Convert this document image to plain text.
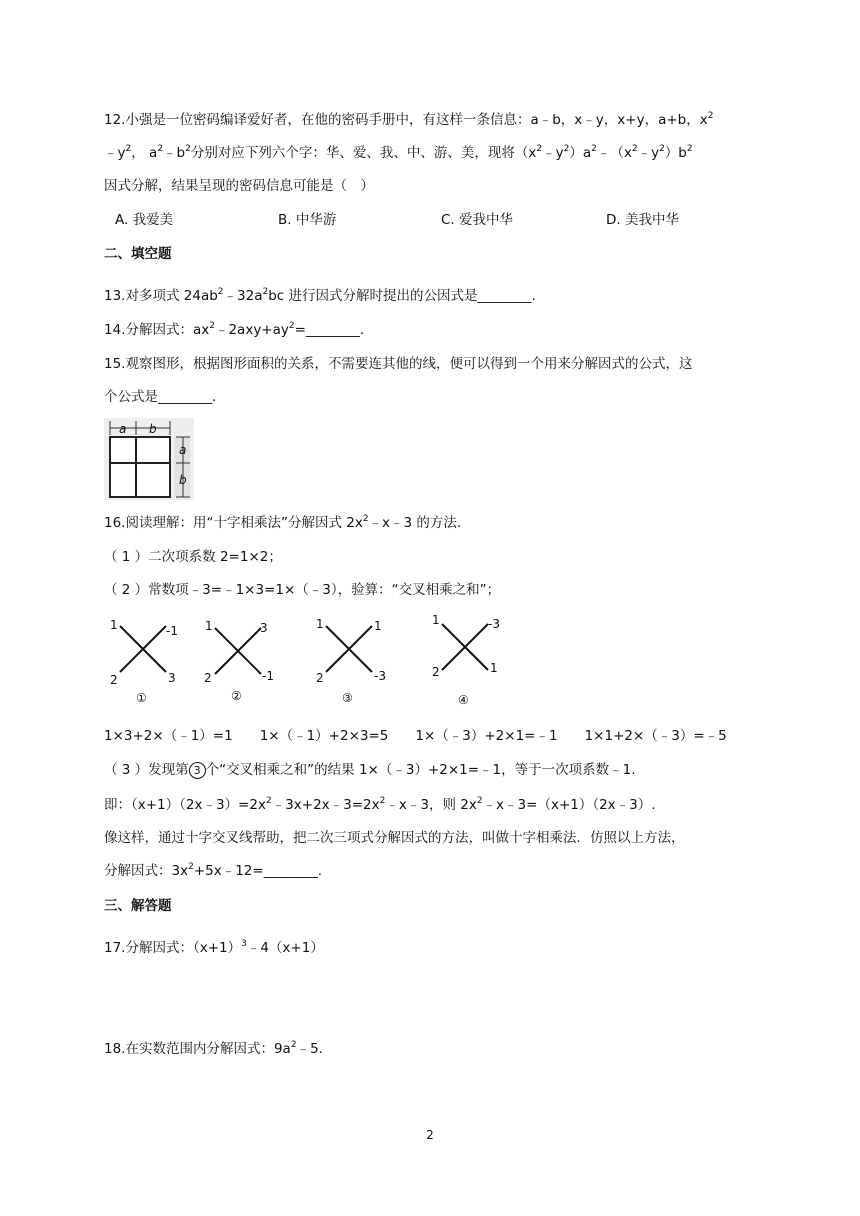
12.小强是一位密码编译爱好者，在他的密码手册中，有这样一条信息：a﹣b，x﹣y，x+y，a+b，$x^2$
$﹣y^2$， $a^2﹣b^2$分别对应下列六个字：华、爱、我、中、游、美，现将$(x^2﹣y^2)a^2﹣(x^2﹣y^2)b^2$
因式分解，结果呈现的密码信息可能是（　）
A. 我爱美	B. 中华游	C. 爱我中华	D. 美我中华
二、填空题
13.对多项式 $24ab^2﹣32a^2bc$ 进行因式分解时提出的公因式是________.
14.分解因式：$ax^2﹣2axy+ay^2=\_\_\_\_\_\_\_\_$.
15.观察图形，根据图形面积的关系，不需要连其他的线，便可以得到一个用来分解因式的公式，这
个公式是________.
a b
a
b
16.阅读理解：用“十字相乘法”分解因式 $2x^2﹣x﹣3$ 的方法.
（ 1 ）二次项系数 2=1×2；
（ 2 ）常数项﹣3=﹣1×3=1×（﹣3），验算：“交叉相乘之和”；
1	-1
2	3
①
1	3
2	-1
②
1	1
2	-3
③
1	-3
2	1
④
1×3+2×（﹣1）=1　　1×（﹣1）+2×3=5　　1×（﹣3）+2×1=﹣1　　1×1+2×（﹣3）=﹣5
（ 3 ）发现第 3 个“交叉相乘之和”的结果 1×（﹣3）+2×1=﹣1，等于一次项系数﹣1.
即：$(x+1)(2x﹣3)=2x^2﹣3x+2x﹣3=2x^2﹣x﹣3$，则 $2x^2﹣x﹣3=(x+1)(2x﹣3)$.
像这样，通过十字交叉线帮助，把二次三项式分解因式的方法，叫做十字相乘法．仿照以上方法，
分解因式：$3x^2+5x﹣12=\_\_\_\_\_\_\_\_$.
三、解答题
17.分解因式：$(x+1)^3﹣4(x+1)$
18.在实数范围内分解因式：$9a^2﹣5$.
2
